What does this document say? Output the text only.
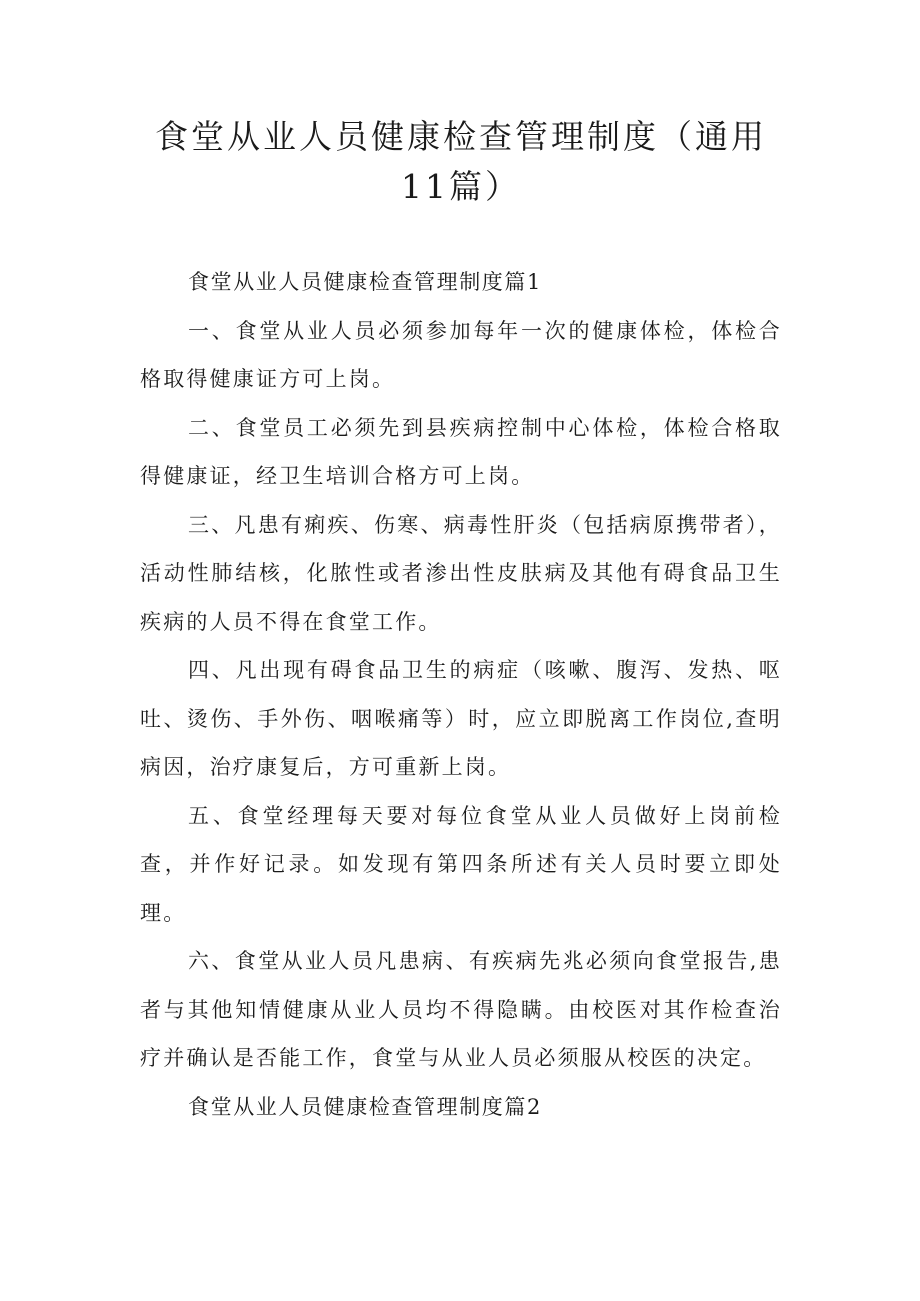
食堂从业人员健康检查管理制度（通用11篇）

食堂从业人员健康检查管理制度篇1

一、食堂从业人员必须参加每年一次的健康体检，体检合格取得健康证方可上岗。

二、食堂员工必须先到县疾病控制中心体检，体检合格取得健康证，经卫生培训合格方可上岗。

三、凡患有痢疾、伤寒、病毒性肝炎（包括病原携带者），活动性肺结核，化脓性或者渗出性皮肤病及其他有碍食品卫生疾病的人员不得在食堂工作。

四、凡出现有碍食品卫生的病症（咳嗽、腹泻、发热、呕吐、烫伤、手外伤、咽喉痛等）时，应立即脱离工作岗位,查明病因，治疗康复后，方可重新上岗。

五、食堂经理每天要对每位食堂从业人员做好上岗前检查，并作好记录。如发现有第四条所述有关人员时要立即处理。

六、食堂从业人员凡患病、有疾病先兆必须向食堂报告,患者与其他知情健康从业人员均不得隐瞒。由校医对其作检查治疗并确认是否能工作，食堂与从业人员必须服从校医的决定。

食堂从业人员健康检查管理制度篇2
